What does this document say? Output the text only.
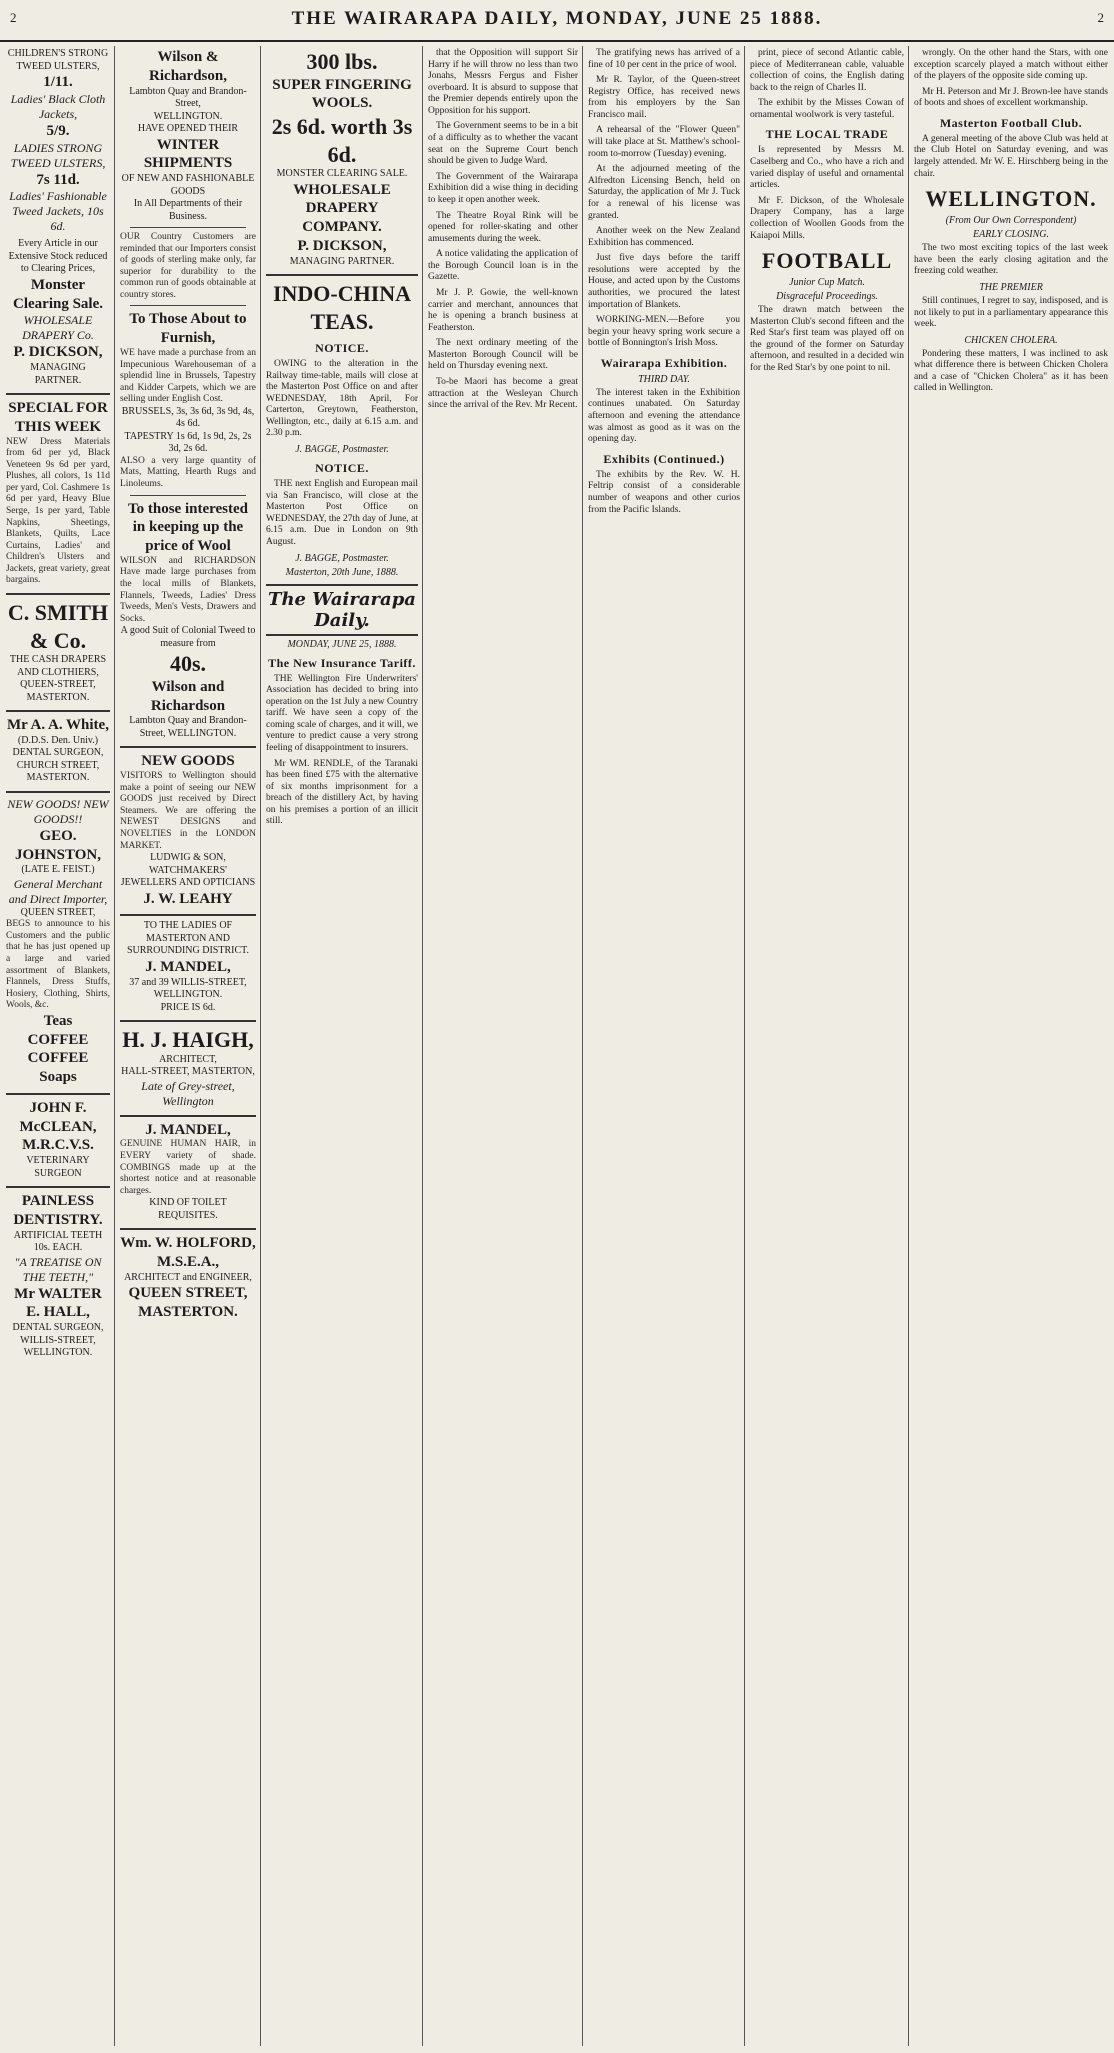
2	THE WAIRARAPA DAILY, MONDAY, JUNE 25 1888.	2
CHILDREN'S STRONG TWEED ULSTERS,
1/11.
Ladies' Black Cloth Jackets,
5/9.
LADIES STRONG TWEED ULSTERS,
7s 11d.
Ladies' Fashionable Tweed Jackets, 10s 6d.
Every Article in our Extensive Stock reduced to Clearing Prices,
Monster Clearing Sale.
WHOLESALE DRAPERY Co.
P. DICKSON,
MANAGING PARTNER.
SPECIAL FOR THIS WEEK
NEW Dress Materials from 6d per yd, Black Veneteen 9s 6d per yard, Plushes, all colors, 1s 11d per yard, Col. Cashmere 1s 6d per yard, Heavy Blue Serge, 1s per yard, Table Napkins, Sheetings, Blankets, Quilts, Lace Curtains, Ladies' and Children's Ulsters and Jackets, great variety, great bargains.
C. SMITH & Co.
THE CASH DRAPERS AND CLOTHIERS, QUEEN-STREET, MASTERTON.
Mr A. A. White,
(D.D.S. Den. Univ.)
DENTAL SURGEON,
CHURCH STREET, MASTERTON.
NEW GOODS! NEW GOODS!!
GEO. JOHNSTON,
(LATE E. FEIST.)
General Merchant and Direct Importer,
QUEEN STREET,
BEGS to announce to his Customers and the public that he has just opened up a large and varied assortment of Blankets, Flannels, Dress Stuffs, Hosiery, Clothing, Shirts, Wools, &c.
Teas
COFFEE COFFEE
Soaps
JOHN F. McCLEAN, M.R.C.V.S.
VETERINARY SURGEON
PAINLESS DENTISTRY.
ARTIFICIAL TEETH 10s. EACH.
"A TREATISE ON THE TEETH,"
Mr WALTER E. HALL,
DENTAL SURGEON,
WILLIS-STREET, WELLINGTON.
Wilson & Richardson,
Lambton Quay and Brandon-Street,
WELLINGTON.
HAVE OPENED THEIR
WINTER SHIPMENTS
OF NEW AND FASHIONABLE GOODS
In All Departments of their Business.
OUR Country Customers are reminded that our Importers consist of goods of sterling make only, far superior for durability to the common run of goods obtainable at country stores.
To Those About to Furnish,
WE have made a purchase from an Impecunious Warehouseman of a splendid line in Brussels, Tapestry and Kidder Carpets, which we are selling under English Cost.
BRUSSELS, 3s, 3s 6d, 3s 9d, 4s, 4s 6d.
TAPESTRY 1s 6d, 1s 9d, 2s, 2s 3d, 2s 6d.
ALSO a very large quantity of Mats, Matting, Hearth Rugs and Linoleums.
To those interested in keeping up the price of Wool
WILSON and RICHARDSON Have made large purchases from the local mills of Blankets, Flannels, Tweeds, Ladies' Dress Tweeds, Men's Vests, Drawers and Socks.
A good Suit of Colonial Tweed to measure from
40s.
Wilson and Richardson
Lambton Quay and Brandon-Street, WELLINGTON.
NEW GOODS
VISITORS to Wellington should make a point of seeing our NEW GOODS just received by Direct Steamers. We are offering the NEWEST DESIGNS and NOVELTIES in the LONDON MARKET.
LUDWIG & SON, WATCHMAKERS' JEWELLERS AND OPTICIANS
J. W. LEAHY
TO THE LADIES OF MASTERTON AND SURROUNDING DISTRICT.
J. MANDEL,
37 and 39 WILLIS-STREET, WELLINGTON.
PRICE IS 6d.
H. J. HAIGH,
ARCHITECT,
HALL-STREET, MASTERTON,
Late of Grey-street, Wellington
J. MANDEL,
GENUINE HUMAN HAIR, in EVERY variety of shade. COMBINGS made up at the shortest notice and at reasonable charges.
KIND OF TOILET REQUISITES.
Wm. W. HOLFORD, M.S.E.A.,
ARCHITECT and ENGINEER,
QUEEN STREET, MASTERTON.
300 lbs.
SUPER FINGERING WOOLS.
2s 6d. worth 3s 6d.
MONSTER CLEARING SALE.
WHOLESALE DRAPERY COMPANY.
P. DICKSON,
MANAGING PARTNER.
INDO-CHINA TEAS.
NOTICE.

OWING to the alteration in the Railway time-table, mails will close at the Masterton Post Office on and after WEDNESDAY, 18th April, For Carterton, Greytown, Featherston, Wellington, etc., daily at 6.15 a.m. and 2.30 p.m.

J. BAGGE, Postmaster.
NOTICE.

THE next English and European mail via San Francisco, will close at the Masterton Post Office on WEDNESDAY, the 27th day of June, at 6.15 a.m. Due in London on 9th August.

J. BAGGE, Postmaster.
Masterton, 20th June, 1888.
The Wairarapa Daily.
MONDAY, JUNE 25, 1888.
The New Insurance Tariff.

THE Wellington Fire Underwriters' Association has decided to bring into operation on the 1st July a new Country tariff. We have seen a copy of the coming scale of charges, and it will, we venture to predict cause a very strong feeling of disappointment to insurers.

Mr WM. RENDLE, of the Taranaki has been fined £75 with the alternative of six months imprisonment for a breach of the distillery Act, by having on his premises a portion of an illicit still.

that the Opposition will support Sir Harry if he will throw no less than two Jonahs, Messrs Fergus and Fisher overboard. It is absurd to suppose that the Premier depends entirely upon the Opposition for his support.

The Government seems to be in a bit of a difficulty as to whether the vacant seat on the Supreme Court bench should be given to Judge Ward.

The Government of the Wairarapa Exhibition did a wise thing in deciding to keep it open another week.

The Theatre Royal Rink will be opened for roller-skating and other amusements during the week.

A notice validating the application of the Borough Council loan is in the Gazette.

Mr J. P. Gowie, the well-known carrier and merchant, announces that he is opening a branch business at Featherston.

The next ordinary meeting of the Masterton Borough Council will be held on Thursday evening next.

To-be Maori has become a great attraction at the Wesleyan Church since the arrival of the Rev. Mr Recent.

The gratifying news has arrived of a fine of 10 per cent in the price of wool.

Mr R. Taylor, of the Queen-street Registry Office, has received news from his employers by the San Francisco mail.

A rehearsal of the "Flower Queen" will take place at St. Matthew's school-room to-morrow (Tuesday) evening.

At the adjourned meeting of the Alfredton Licensing Bench, held on Saturday, the application of Mr J. Tuck for a renewal of his license was granted.

Another week on the New Zealand Exhibition has commenced.

Just five days before the tariff resolutions were accepted by the House, and acted upon by the Customs authorities, we procured the latest importation of Blankets.

WORKING-MEN.—Before you begin your heavy spring work secure a bottle of Bonnington's Irish Moss.

Wairarapa Exhibition.
THIRD DAY.

The interest taken in the Exhibition continues unabated. On Saturday afternoon and evening the attendance was almost as good as it was on the opening day.

Exhibits (Continued.)

The exhibits by the Rev. W. H. Feltrip consist of a considerable number of weapons and other curios from the Pacific Islands.

print, piece of second Atlantic cable, piece of Mediterranean cable, valuable collection of coins, the English dating back to the reign of Charles II.

The exhibit by the Misses Cowan of ornamental woolwork is very tasteful.

THE LOCAL TRADE

Is represented by Messrs M. Caselberg and Co., who have a rich and varied display of useful and ornamental articles.

Mr F. Dickson, of the Wholesale Drapery Company, has a large collection of Woollen Goods from the Kaiapoi Mills.

FOOTBALL
Junior Cup Match.
Disgraceful Proceedings.

The drawn match between the Masterton Club's second fifteen and the Red Star's first team was played off on the ground of the former on Saturday afternoon, and resulted in a decided win for the Red Star's by one point to nil.

wrongly. On the other hand the Stars, with one exception scarcely played a match without either of the players of the opposite side coming up.

Mr H. Peterson and Mr J. Brown-lee have stands of boots and shoes of excellent workmanship.

Masterton Football Club.

A general meeting of the above Club was held at the Club Hotel on Saturday evening, and was largely attended. Mr W. E. Hirschberg being in the chair.

WELLINGTON.
(From Our Own Correspondent)
EARLY CLOSING.

The two most exciting topics of the last week have been the early closing agitation and the freezing cold weather.

THE PREMIER

Still continues, I regret to say, indisposed, and is not likely to put in a parliamentary appearance this week.

CHICKEN CHOLERA.

Pondering these matters, I was inclined to ask what difference there is between Chicken Cholera and a case of "Chicken Cholera" as it has been called in Wellington.
